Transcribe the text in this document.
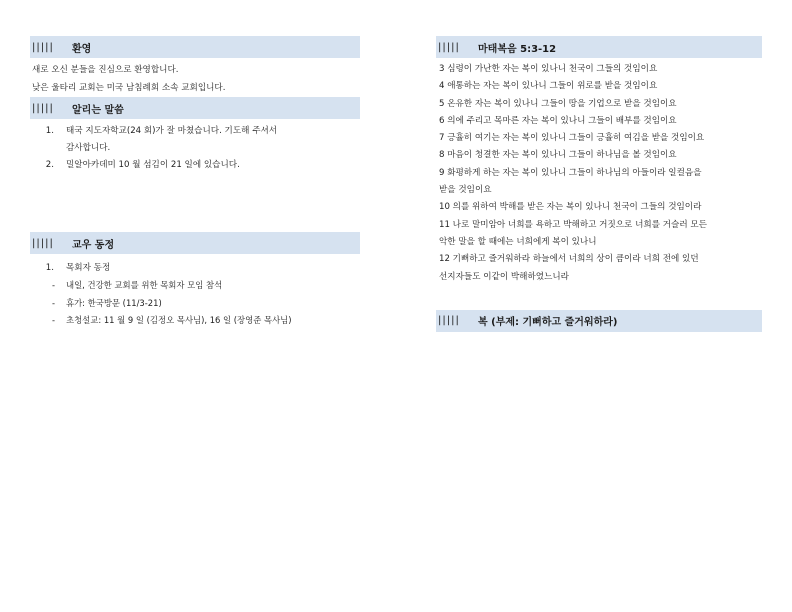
|||||	환영
새로 오신 분들을 진심으로 환영합니다.
낮은 울타리 교회는 미국 남침례회 소속 교회입니다.
|||||	알리는 말씀
1.	태국 지도자학교(24 회)가 잘 마쳤습니다. 기도해 주셔서
감사합니다.
2.	밀알아카데미 10 월 섬김이 21 일에 있습니다.
|||||	교우 동정
1.	목회자 동정
-	내일, 건강한 교회를 위한 목회자 모임 참석
-	휴가: 한국방문 (11/3-21)
-	초청설교: 11 월 9 일 (김정오 목사님), 16 일 (장영준 목사님)
|||||	마태복음 5:3-12
3 심령이 가난한 자는 복이 있나니 천국이 그들의 것임이요
4 애통하는 자는 복이 있나니 그들이 위로를 받을 것임이요
5 온유한 자는 복이 있나니 그들이 땅을 기업으로 받을 것임이요
6 의에 주리고 목마른 자는 복이 있나니 그들이 배부를 것임이요
7 긍휼히 여기는 자는 복이 있나니 그들이 긍휼히 여김을 받을 것임이요
8 마음이 청결한 자는 복이 있나니 그들이 하나님을 볼 것임이요
9 화평하게 하는 자는 복이 있나니 그들이 하나님의 아들이라 일컬음을
받을 것임이요
10 의를 위하여 박해를 받은 자는 복이 있나니 천국이 그들의 것임이라
11 나로 말미암아 너희를 욕하고 박해하고 거짓으로 너희를 거슬러 모든
악한 말을 할 때에는 너희에게 복이 있나니
12 기뻐하고 즐거워하라 하늘에서 너희의 상이 큼이라 너희 전에 있던
선지자들도 이같이 박해하였느니라
|||||	복 (부제: 기뻐하고 즐거워하라)
